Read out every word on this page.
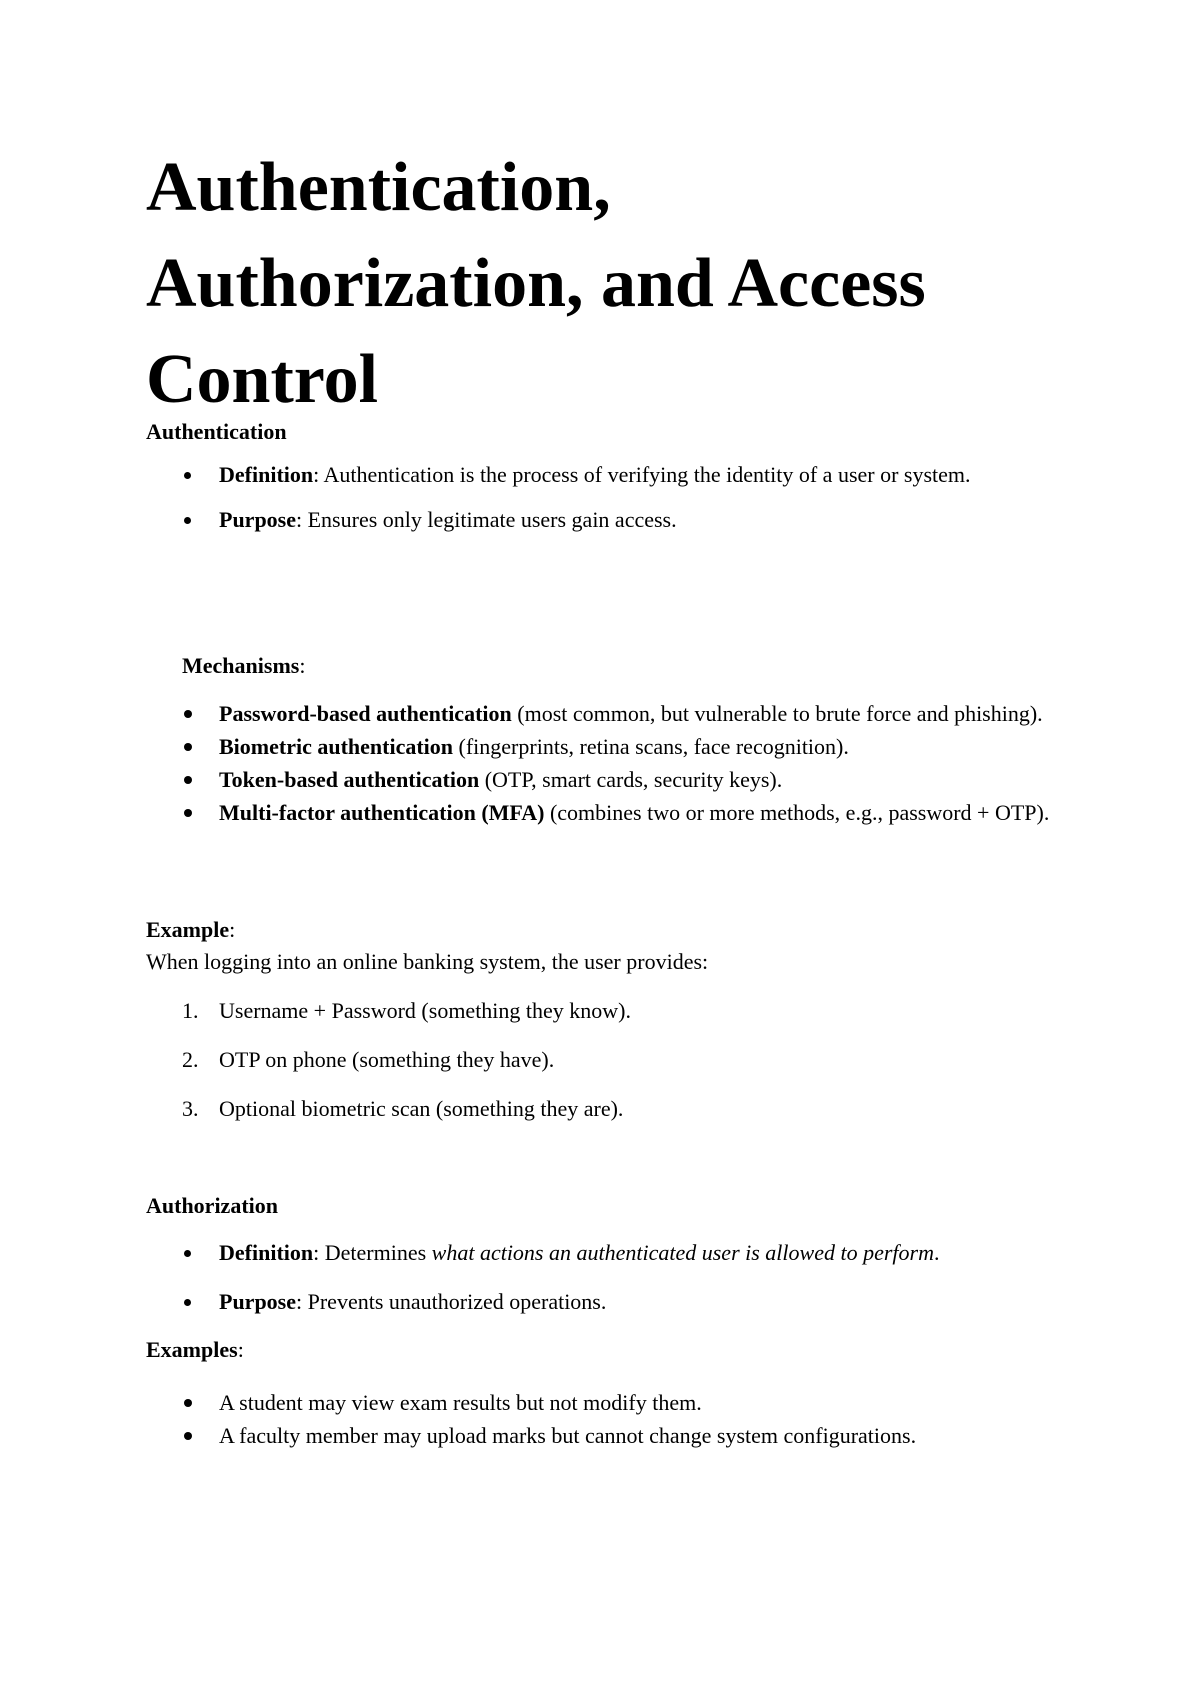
Authentication, Authorization, and Access Control
Authentication
Definition: Authentication is the process of verifying the identity of a user or system.
Purpose: Ensures only legitimate users gain access.

Mechanisms:

Password-based authentication (most common, but vulnerable to brute force and phishing).
Biometric authentication (fingerprints, retina scans, face recognition).
Token-based authentication (OTP, smart cards, security keys).
Multi-factor authentication (MFA) (combines two or more methods, e.g., password + OTP).

Example:

When logging into an online banking system, the user provides:

1. Username + Password (something they know).
2. OTP on phone (something they have).
3. Optional biometric scan (something they are).
Authorization
Definition: Determines what actions an authenticated user is allowed to perform.
Purpose: Prevents unauthorized operations.

Examples:

A student may view exam results but not modify them.
A faculty member may upload marks but cannot change system configurations.
